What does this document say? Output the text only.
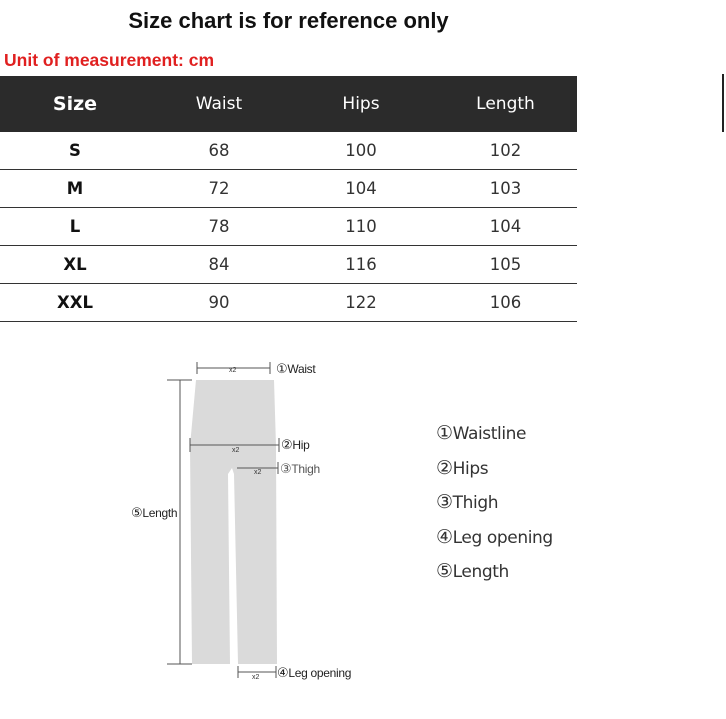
Size chart is for reference only
Unit of measurement: cm
Size	Waist	Hips	Length
S	68	100	102
M	72	104	103
L	78	110	104
XL	84	116	105
XXL	90	122	106
x2
x2
x2
x2
①Waist
②Hip
③Thigh
⑤Length
④Leg opening
①Waistline
②Hips
③Thigh
④Leg opening
⑤Length
